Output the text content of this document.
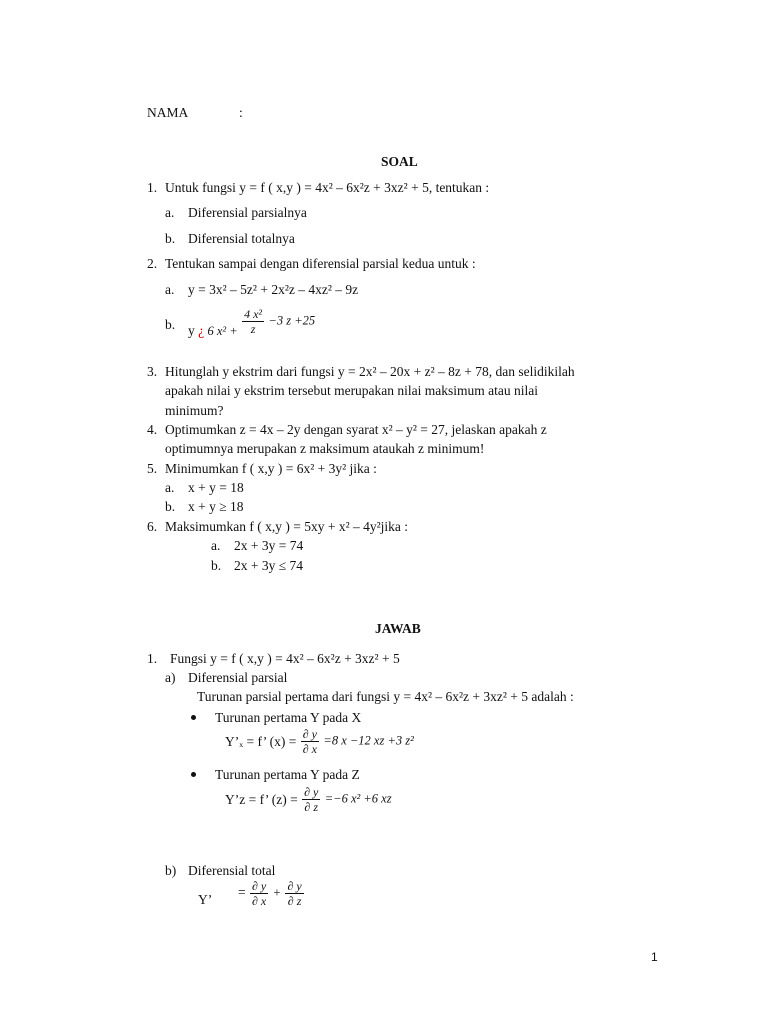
NAMA	:
SOAL
1. Untuk fungsi y = f ( x,y ) = 4x² – 6x²z + 3xz² + 5, tentukan :
a. Diferensial parsialnya
b. Diferensial totalnya
2. Tentukan sampai dengan diferensial parsial kedua untuk :
a. y = 3x² – 5z² + 2x²z – 4xz² – 9z
b. y ¿ 6 $x^2 + \frac{\text{4 x²}}{z} -3$ z +25
3. Hitunglah y ekstrim dari fungsi y = 2x² – 20x + z² – 8z + 78, dan selidikilah
apakah nilai y ekstrim tersebut merupakan nilai maksimum atau nilai
minimum?
4. Optimumkan z = 4x – 2y dengan syarat x² – y² = 27, jelaskan apakah z
optimumnya merupakan z maksimum ataukah z minimum!
5. Minimumkan f ( x,y ) = 6x² + 3y² jika :
a. x + y = 18
b. x + y ≥ 18
6. Maksimumkan f ( x,y ) = 5xy + x² – 4y²jika :
a. 2x + 3y = 74
b. 2x + 3y ≤ 74
JAWAB
1. Fungsi y = f ( x,y ) = 4x² – 6x²z + 3xz² + 5
a) Diferensial parsial
Turunan parsial pertama dari fungsi y = 4x² – 6x²z + 3xz² + 5 adalah :
Turunan pertama Y pada X
Y’ₓ = f’ $(x) = \frac{\partial y}{\partial x} =8$ x −12 xz +3 z²
Turunan pertama Y pada Z
Y’z = f’ $(z) = \frac{\partial y}{\partial z} =-6$ x² +6 xz
b) Diferensial total
Y’ = $\frac{\partial y}{\partial x} + \frac{\partial y}{\partial z}$
1
